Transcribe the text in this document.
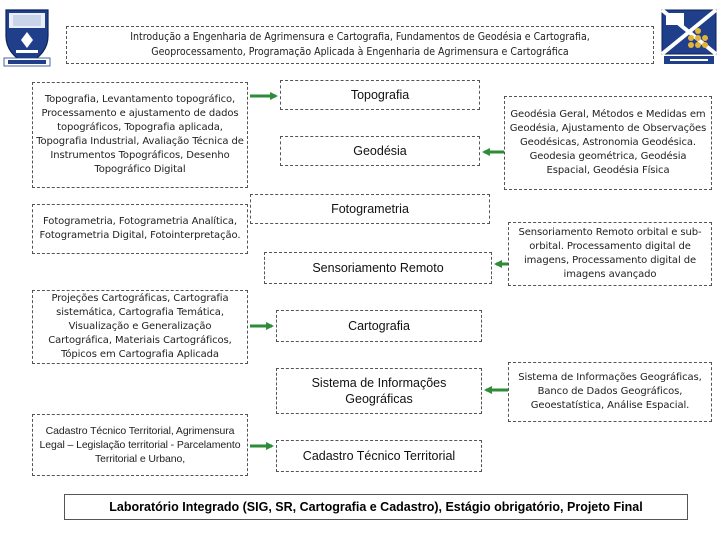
Introdução a Engenharia de Agrimensura e Cartografia, Fundamentos de Geodésia e Cartografia,
Geoprocessamento, Programação Aplicada à Engenharia de Agrimensura e Cartográfica
Topografia, Levantamento topográfico, Processamento e ajustamento de dados topográficos, Topografia aplicada, Topografia Industrial, Avaliação Técnica de Instrumentos Topográficos, Desenho Topográfico Digital
Fotogrametria, Fotogrametria Analítica, Fotogrametria Digital, Fotointerpretação.
Projeções Cartográficas, Cartografia sistemática, Cartografia Temática, Visualização e Generalização Cartográfica, Materiais Cartográficos, Tópicos em Cartografia Aplicada
Cadastro Técnico Territorial, Agrimensura Legal – Legislação territorial - Parcelamento Territorial e Urbano,
Topografia
Geodésia
Fotogrametria
Sensoriamento Remoto
Cartografia
Sistema de Informações Geográficas
Cadastro Técnico Territorial
Geodésia Geral, Métodos e Medidas em Geodésia, Ajustamento de Observações Geodésicas, Astronomia Geodésica. Geodesia geométrica, Geodésia Espacial, Geodésia Física
Sensoriamento Remoto orbital e sub-orbital. Processamento digital de imagens, Processamento digital de imagens avançado
Sistema de Informações Geográficas, Banco de Dados Geográficos, Geoestatística, Análise Espacial.
Laboratório Integrado (SIG, SR, Cartografia e Cadastro), Estágio obrigatório, Projeto Final
